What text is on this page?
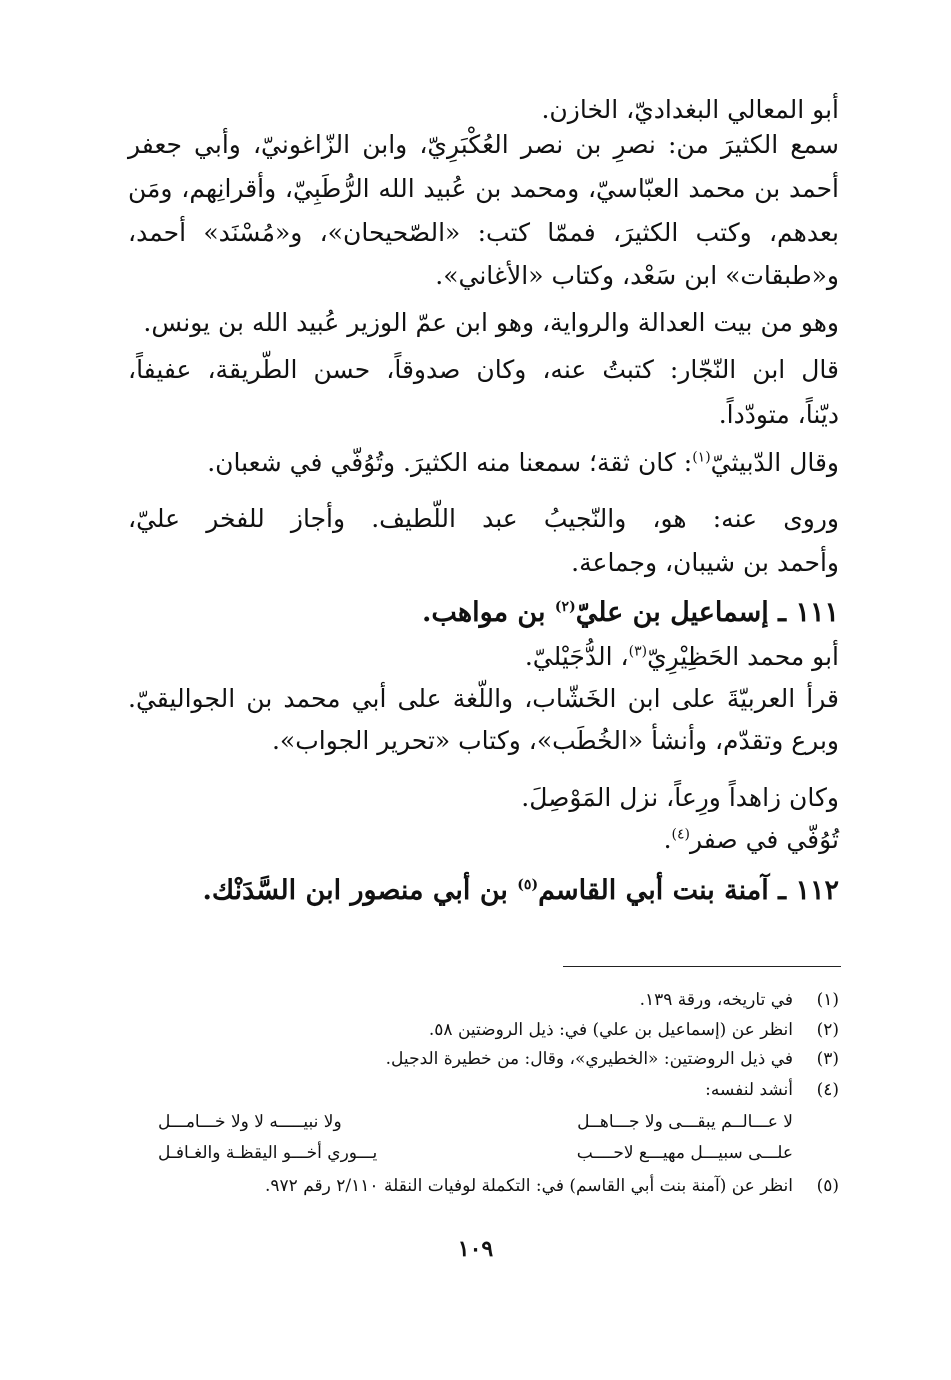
أبو المعالي البغداديّ، الخازن.
سمع الكثيرَ من: نصرِ بن نصر العُكْبَرِيّ، وابن الزّاغونيّ، وأبي جعفر
أحمد بن محمد العبّاسيّ، ومحمد بن عُبيد الله الرُّطَبِيّ، وأقرانِهم، ومَن
بعدهم، وكتب الكثيرَ، فممّا كتب: «الصّحيحان»، و«مُسْنَد» أحمد،
و«طبقات» ابن سَعْد، وكتاب «الأغاني».
وهو من بيت العدالة والرواية، وهو ابن عمّ الوزير عُبيد الله بن يونس.
قال ابن النّجّار: كتبتُ عنه، وكان صدوقاً، حسن الطّريقة، عفيفاً،
ديّناً، متودّداً.
وقال الدّبيثيّ$^{(١)}$: كان ثقة؛ سمعنا منه الكثيرَ. وتُوُفّي في شعبان.
وروى عنه: هو، والنّجيبُ عبد اللّطيف. وأجاز للفخر عليّ،
وأحمد بن شيبان، وجماعة.
١١١ ـ إسماعيل بن عليّ$^{(٢)}$ بن مواهب.
أبو محمد الحَظِيْرِيّ$^{(٣)}$، الدُّجَيْليّ.
قرأ العربيّةَ على ابن الخَشّاب، واللّغة على أبي محمد بن الجواليقيّ.
وبرع وتقدّم، وأنشأ «الخُطَب»، وكتاب «تحرير الجواب».
وكان زاهداً ورِعاً، نزل المَوْصِلَ.
تُوُفّي في صفر$^{(٤)}$.
١١٢ ـ آمنة بنت أبي القاسم$^{(٥)}$ بن أبي منصور ابن السَّدَنْك.
(١)
في تاريخه، ورقة ١٣٩.
(٢)
انظر عن (إسماعيل بن علي) في: ذيل الروضتين ٥٨.
(٣)
في ذيل الروضتين: «الخطيري»، وقال: من خطيرة الدجيل.
(٤)
أنشد لنفسه:
لا عـــالــم يبقـــى ولا جـــاهــل
ولا نبيـــــه لا ولا خـــامـــل
علـــى سبيـــل مهيـــع لاحــــب
يـــوري أخـــو اليقظـة والغـافـل
(٥)
انظر عن (آمنة بنت أبي القاسم) في: التكملة لوفيات النقلة ٢/١١٠ رقم ٩٧٢.
١٠٩
